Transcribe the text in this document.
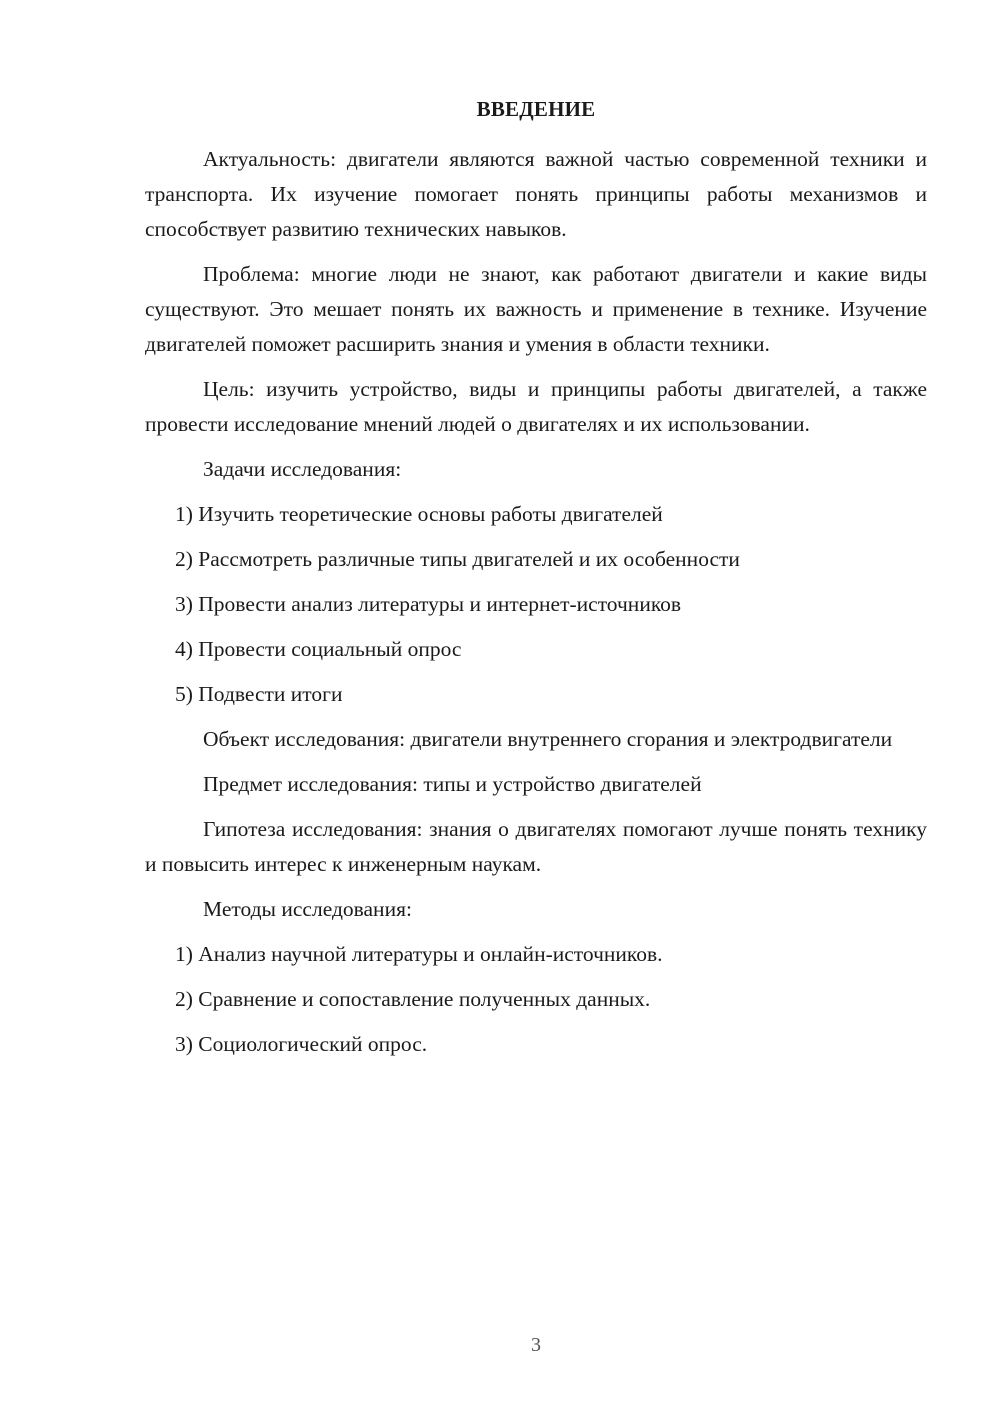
ВВЕДЕНИЕ

Актуальность: двигатели являются важной частью современной техники и транспорта. Их изучение помогает понять принципы работы механизмов и способствует развитию технических навыков.

Проблема: многие люди не знают, как работают двигатели и какие виды существуют. Это мешает понять их важность и применение в технике. Изучение двигателей поможет расширить знания и умения в области техники.

Цель: изучить устройство, виды и принципы работы двигателей, а также провести исследование мнений людей о двигателях и их использовании.

Задачи исследования:

1) Изучить теоретические основы работы двигателей

2) Рассмотреть различные типы двигателей и их особенности

3) Провести анализ литературы и интернет-источников

4) Провести социальный опрос

5) Подвести итоги

Объект исследования: двигатели внутреннего сгорания и электродвигатели

Предмет исследования: типы и устройство двигателей

Гипотеза исследования: знания о двигателях помогают лучше понять технику и повысить интерес к инженерным наукам.

Методы исследования:

1) Анализ научной литературы и онлайн-источников.

2) Сравнение и сопоставление полученных данных.

3) Социологический опрос.

3
